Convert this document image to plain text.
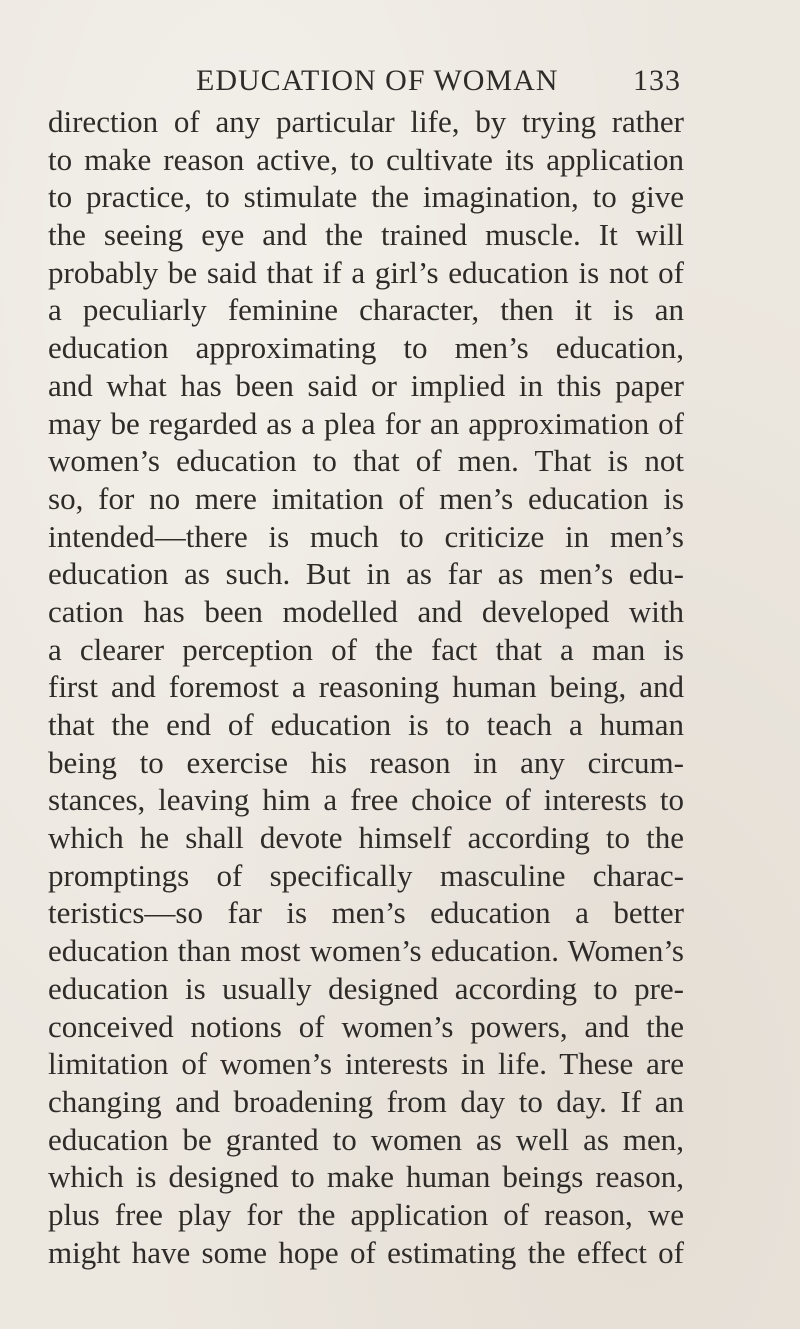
EDUCATION OF WOMAN 133
direction of any particular life, by trying rather
to make reason active, to cultivate its application
to practice, to stimulate the imagination, to give
the seeing eye and the trained muscle. It will
probably be said that if a girl’s education is not of
a peculiarly feminine character, then it is an
education approximating to men’s education,
and what has been said or implied in this paper
may be regarded as a plea for an approximation of
women’s education to that of men. That is not
so, for no mere imitation of men’s education is
intended—there is much to criticize in men’s
education as such. But in as far as men’s edu-
cation has been modelled and developed with
a clearer perception of the fact that a man is
first and foremost a reasoning human being, and
that the end of education is to teach a human
being to exercise his reason in any circum-
stances, leaving him a free choice of interests to
which he shall devote himself according to the
promptings of specifically masculine charac-
teristics—so far is men’s education a better
education than most women’s education. Women’s
education is usually designed according to pre-
conceived notions of women’s powers, and the
limitation of women’s interests in life. These are
changing and broadening from day to day. If an
education be granted to women as well as men,
which is designed to make human beings reason,
plus free play for the application of reason, we
might have some hope of estimating the effect of
